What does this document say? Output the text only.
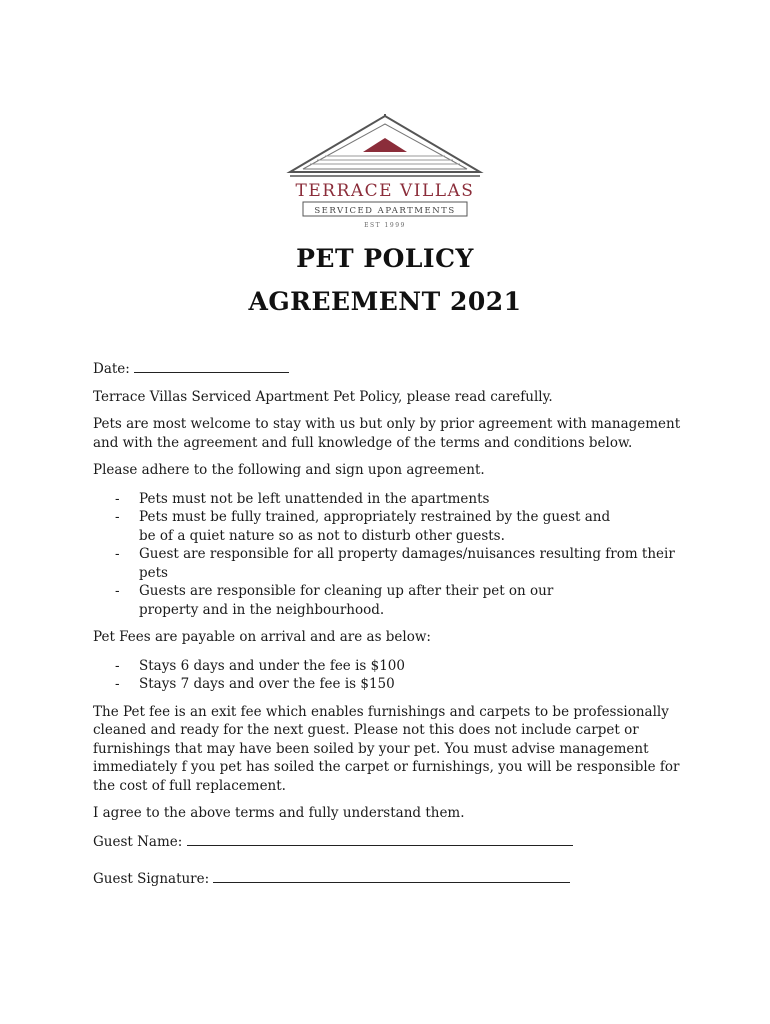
TERRACE VILLAS
SERVICED APARTMENTS
EST 1999
PET POLICY
AGREEMENT 2021

Date:

Terrace Villas Serviced Apartment Pet Policy, please read carefully.

Pets are most welcome to stay with us but only by prior agreement with management and with the agreement and full knowledge of the terms and conditions below.

Please adhere to the following and sign upon agreement.

- Pets must not be left unattended in the apartments
- Pets must be fully trained, appropriately restrained by the guest and be of a quiet nature so as not to disturb other guests.
- Guest are responsible for all property damages/nuisances resulting from their pets
- Guests are responsible for cleaning up after their pet on our property and in the neighbourhood.

Pet Fees are payable on arrival and are as below:

- Stays 6 days and under the fee is $100
- Stays 7 days and over the fee is $150

The Pet fee is an exit fee which enables furnishings and carpets to be professionally cleaned and ready for the next guest. Please not this does not include carpet or furnishings that may have been soiled by your pet. You must advise management immediately f you pet has soiled the carpet or furnishings, you will be responsible for the cost of full replacement.

I agree to the above terms and fully understand them.

Guest Name:

Guest Signature:
